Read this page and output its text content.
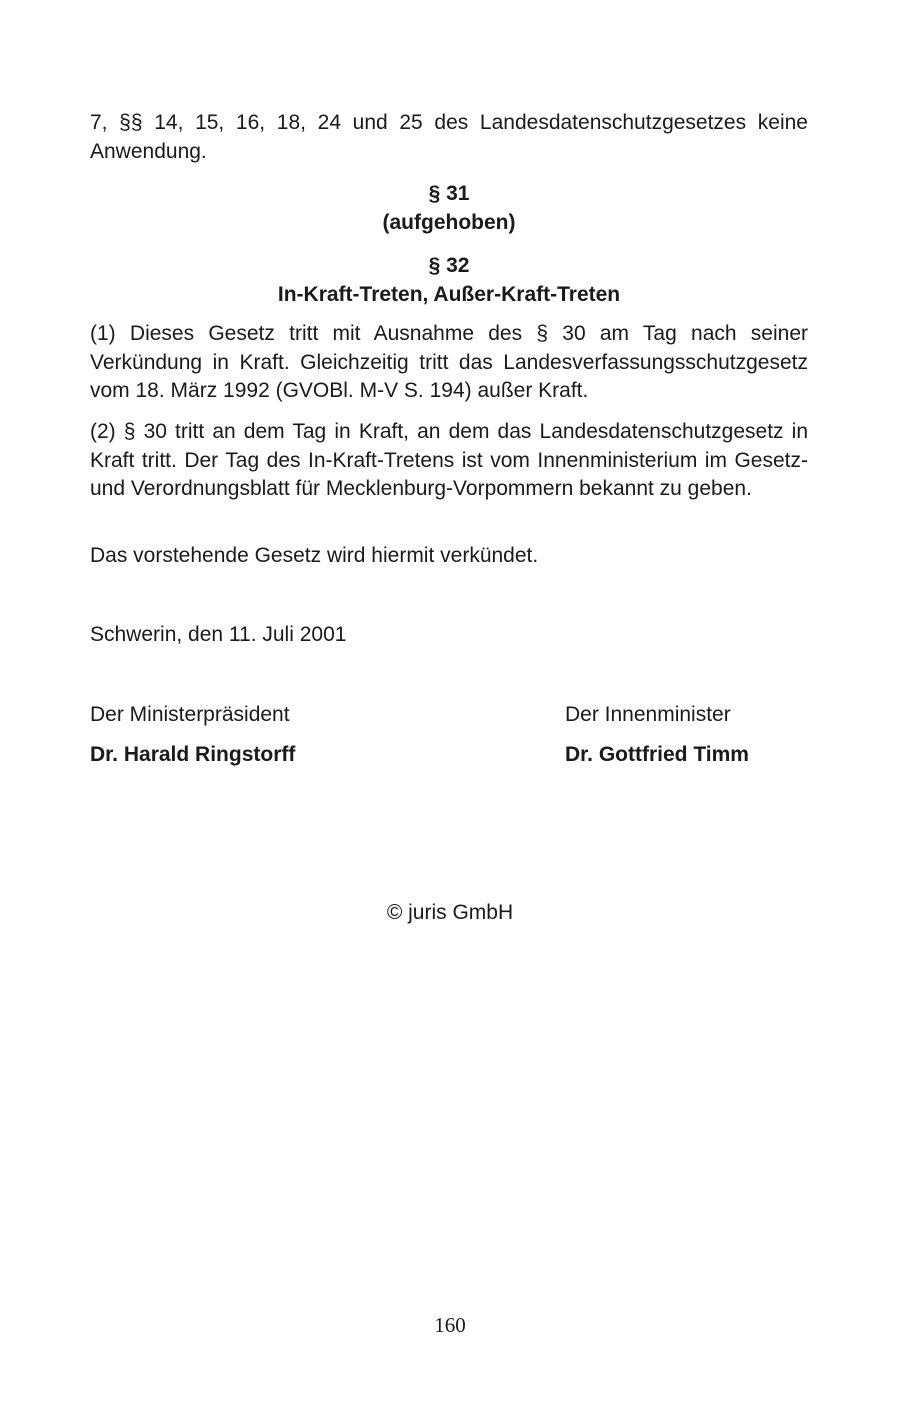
7, §§ 14, 15, 16, 18, 24 und 25 des Landesdatenschutzgesetzes keine Anwendung.

§ 31

(aufgehoben)

§ 32

In-Kraft-Treten, Außer-Kraft-Treten

(1) Dieses Gesetz tritt mit Ausnahme des § 30 am Tag nach seiner Verkündung in Kraft. Gleichzeitig tritt das Landesverfassungsschutzgesetz vom 18. März 1992 (GVOBl. M-V S. 194) außer Kraft.

(2) § 30 tritt an dem Tag in Kraft, an dem das Landesdatenschutzgesetz in Kraft tritt. Der Tag des In-Kraft-Tretens ist vom Innenministerium im Gesetz- und Verordnungsblatt für Mecklenburg-Vorpommern bekannt zu geben.

Das vorstehende Gesetz wird hiermit verkündet.

Schwerin, den 11. Juli 2001

Der Ministerpräsident

Dr. Harald Ringstorff

Der Innenminister

Dr. Gottfried Timm

© juris GmbH

160
